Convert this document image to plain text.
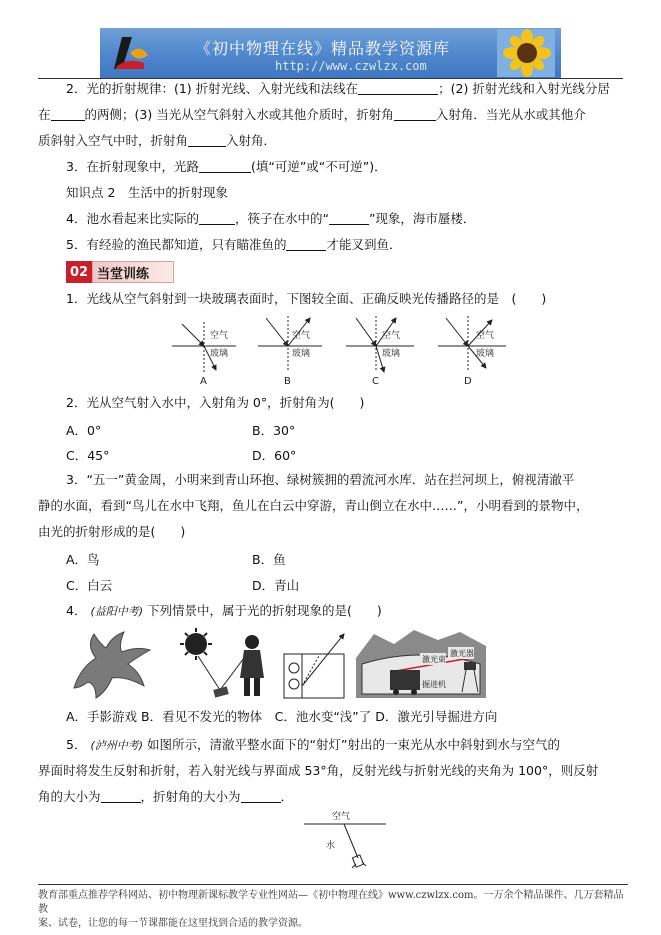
《初中物理在线》精品教学资源库
http://www.czwlzx.com
2．光的折射规律：(1) 折射光线、入射光线和法线在	；(2) 折射光线和入射光线分居
在	的两侧；(3) 当光从空气斜射入水或其他介质时，折射角	入射角．当光从水或其他介
质斜射入空气中时，折射角	入射角．
3．在折射现象中，光路	(填“可逆”或“不可逆”)．
知识点 2　生活中的折射现象
4．池水看起来比实际的	，筷子在水中的“	”现象，海市蜃楼．
5．有经验的渔民都知道，只有瞄准鱼的	才能叉到鱼．
02 当堂训练
1．光线从空气斜射到一块玻璃表面时，下图较全面、正确反映光传播路径的是　(　　)
空气
玻璃
A
空气
玻璃
B
空气
玻璃
C
空气
玻璃
D
2．光从空气射入水中，入射角为 0°，折射角为(　　)
A．0°	B．30°
C．45°	D．60°
3．“五一”黄金周，小明来到青山环抱、绿树簇拥的碧流河水库．站在拦河坝上，俯视清澈平
静的水面，看到“鸟儿在水中飞翔，鱼儿在白云中穿游，青山倒立在水中……”，小明看到的景物中，
由光的折射形成的是(　　)
A．鸟	B．鱼
C．白云	D．青山
4． (益阳中考) 下列情景中，属于光的折射现象的是(　　)
激光束
激光器
掘进机
A．手影游戏 B．看见不发光的物体　C．池水变“浅”了 D．激光引导掘进方向
5． (泸州中考) 如图所示，清澈平整水面下的“射灯”射出的一束光从水中斜射到水与空气的
界面时将发生反射和折射，若入射光线与界面成 53°角，反射光线与折射光线的夹角为 100°，则反射
角的大小为	，折射角的大小为	．
空气
水
教育部重点推荐学科网站、初中物理新课标教学专业性网站—《初中物理在线》www.czwlzx.com。一万余个精品课件、几万套精品教
案、试卷，让您的每一节课都能在这里找到合适的教学资源。
